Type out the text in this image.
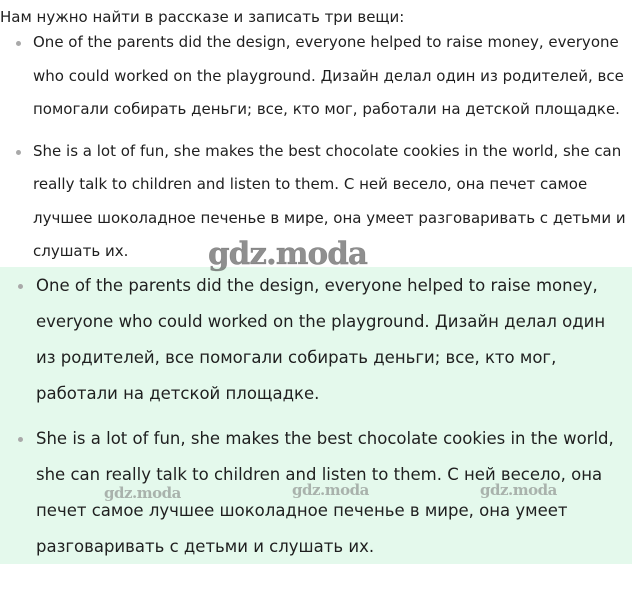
Нам нужно найти в рассказе и записать три вещи:
One of the parents did the design, everyone helped to raise money, everyone who could worked on the playground. Дизайн делал один из родителей, все помогали собирать деньги; все, кто мог, работали на детской площадке.
She is a lot of fun, she makes the best chocolate cookies in the world, she can really talk to children and listen to them. С ней весело, она печет самое лучшее шоколадное печенье в мире, она умеет разговаривать с детьми и слушать их.
One of the parents did the design, everyone helped to raise money, everyone who could worked on the playground. Дизайн делал один из родителей, все помогали собирать деньги; все, кто мог, работали на детской площадке.
She is a lot of fun, she makes the best chocolate cookies in the world, she can really talk to children and listen to them. С ней весело, она печет самое лучшее шоколадное печенье в мире, она умеет разговаривать с детьми и слушать их.
gdz.moda
gdz.moda	gdz.moda	gdz.moda
